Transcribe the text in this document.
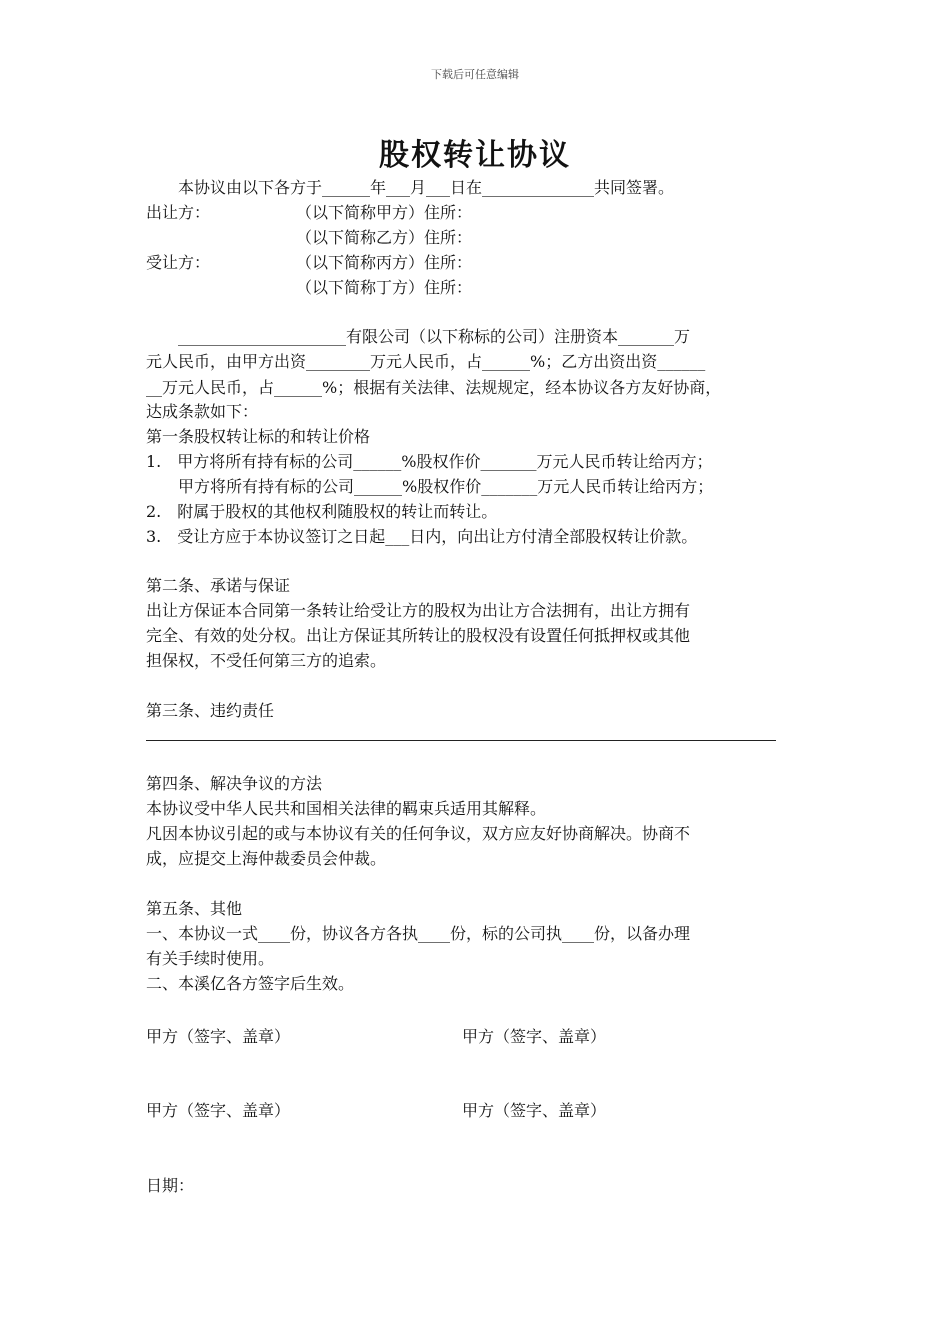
下载后可任意编辑
股权转让协议
　　本协议由以下各方于______年___月___日在______________共同签署。
出让方：	（以下简称甲方）住所：
（以下简称乙方）住所：
受让方：	（以下简称丙方）住所：
（以下简称丁方）住所：
　　_____________________有限公司（以下称标的公司）注册资本_______万
元人民币，由甲方出资________万元人民币，占______%；乙方出资出资______
__万元人民币，占______%；根据有关法律、法规规定，经本协议各方友好协商，
达成条款如下：
第一条股权转让标的和转让价格
1.　甲方将所有持有标的公司______%股权作价_______万元人民币转让给丙方；
　　甲方将所有持有标的公司______%股权作价_______万元人民币转让给丙方；
2.　附属于股权的其他权利随股权的转让而转让。
3.　受让方应于本协议签订之日起___日内，向出让方付清全部股权转让价款。
第二条、承诺与保证
出让方保证本合同第一条转让给受让方的股权为出让方合法拥有，出让方拥有
完全、有效的处分权。出让方保证其所转让的股权没有设置任何抵押权或其他
担保权，不受任何第三方的追索。
第三条、违约责任
第四条、解决争议的方法
本协议受中华人民共和国相关法律的羁束兵适用其解释。
凡因本协议引起的或与本协议有关的任何争议，双方应友好协商解决。协商不
成，应提交上海仲裁委员会仲裁。
第五条、其他
一、本协议一式____份，协议各方各执____份，标的公司执____份，以备办理
有关手续时使用。
二、本溪亿各方签字后生效。
甲方（签字、盖章）	甲方（签字、盖章）
甲方（签字、盖章）	甲方（签字、盖章）
日期：
